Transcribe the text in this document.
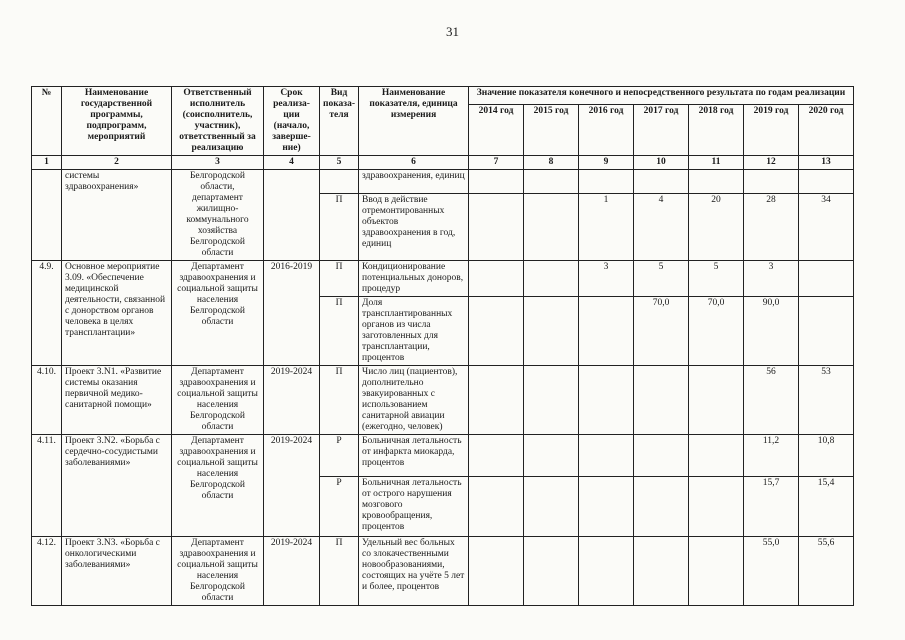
31
№	Наименование государственной программы, подпрограмм, мероприятий	Ответственный исполнитель (соисполнитель, участник), ответственный за реализацию	Срок реализа-ции (начало, заверше-ние)	Вид показа-теля	Наименование показателя, единица измерения	Значение показателя конечного и непосредственного результата по годам реализации						
						2014 год	2015 год	2016 год	2017 год	2018 год	2019 год	2020 год
1	2	3	4	5	6	7	8	9	10	11	12	13
	системы здравоохранения»	Белгородской области, департамент жилищно-коммунального хозяйства Белгородской области			здравоохранения, единиц							
				П	Ввод в действие отремонтированных объектов здравоохранения в год, единиц			1	4	20	28	34
4.9.	Основное мероприятие 3.09. «Обеспечение медицинской деятельности, связанной с донорством органов человека в целях трансплантации»	Департамент здравоохранения и социальной защиты населения Белгородской области	2016-2019	П	Кондиционирование потенциальных доноров, процедур			3	5	5	3	
				П	Доля трансплантированных органов из числа заготовленных для трансплантации, процентов				70,0	70,0	90,0	
4.10.	Проект 3.N1. «Развитие системы оказания первичной медико-санитарной помощи»	Департамент здравоохранения и социальной защиты населения Белгородской области	2019-2024	П	Число лиц (пациентов), дополнительно эвакуированных с использованием санитарной авиации (ежегодно, человек)						56	53
4.11.	Проект 3.N2. «Борьба с сердечно-сосудистыми заболеваниями»	Департамент здравоохранения и социальной защиты населения Белгородской области	2019-2024	Р	Больничная летальность от инфаркта миокарда, процентов						11,2	10,8
				Р	Больничная летальность от острого нарушения мозгового кровообращения, процентов						15,7	15,4
4.12.	Проект 3.N3. «Борьба с онкологическими заболеваниями»	Департамент здравоохранения и социальной защиты населения Белгородской области	2019-2024	П	Удельный вес больных со злокачественными новообразованиями, состоящих на учёте 5 лет и более, процентов						55,0	55,6
